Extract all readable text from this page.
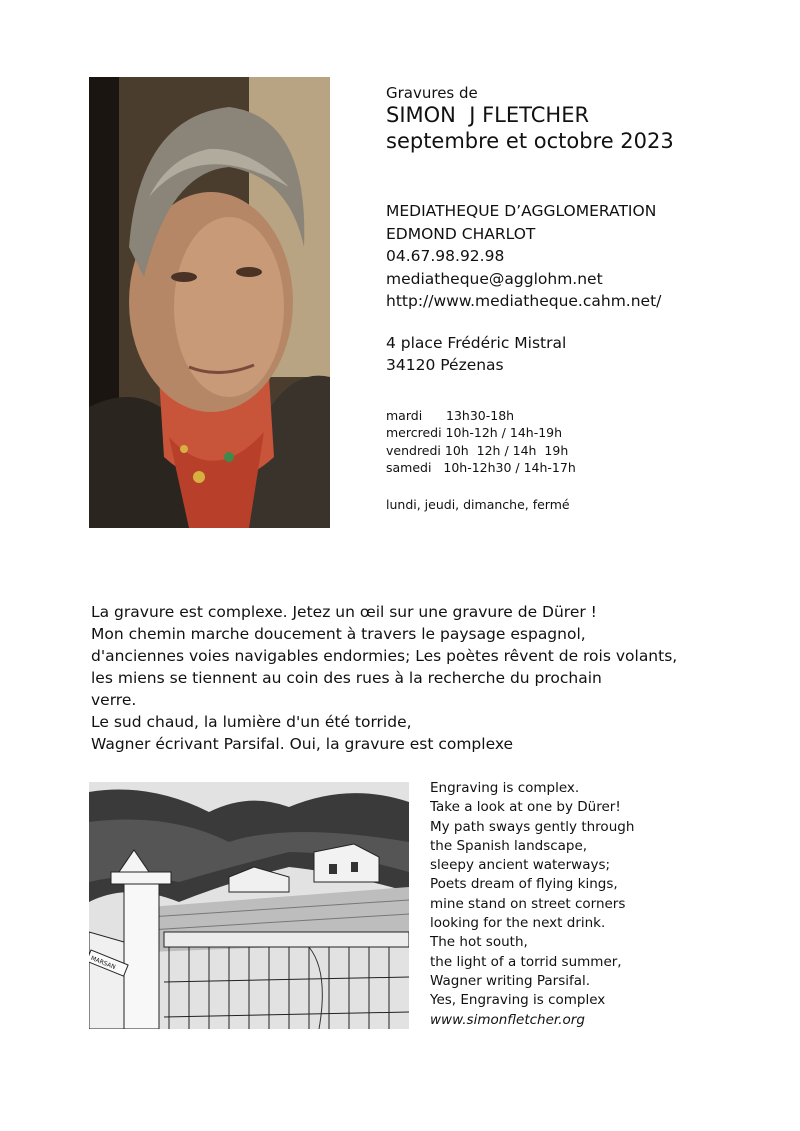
Gravures de
SIMON  J FLETCHER
septembre et octobre 2023
MEDIATHEQUE D’AGGLOMERATION
EDMOND CHARLOT
04.67.98.92.98
mediatheque@agglohm.net
http://www.mediatheque.cahm.net/
4 place Frédéric Mistral
34120 Pézenas
mardi      13h30-18h
mercredi 10h-12h / 14h-19h
vendredi 10h  12h / 14h  19h
samedi   10h-12h30 / 14h-17h
lundi, jeudi, dimanche, fermé
La gravure est complexe. Jetez un œil sur une gravure de Dürer !
Mon chemin marche doucement à travers le paysage espagnol,
d'anciennes voies navigables endormies; Les poètes rêvent de rois volants,
les miens se tiennent au coin des rues à la recherche du prochain
verre.
Le sud chaud, la lumière d'un été torride,
Wagner écrivant Parsifal. Oui, la gravure est complexe
MARSAN
Engraving is complex.
Take a look at one by Dürer!
My path sways gently through
the Spanish landscape,
sleepy ancient waterways;
Poets dream of flying kings,
mine stand on street corners
looking for the next drink.
The hot south,
the light of a torrid summer,
Wagner writing Parsifal.
Yes, Engraving is complex
www.simonfletcher.org
